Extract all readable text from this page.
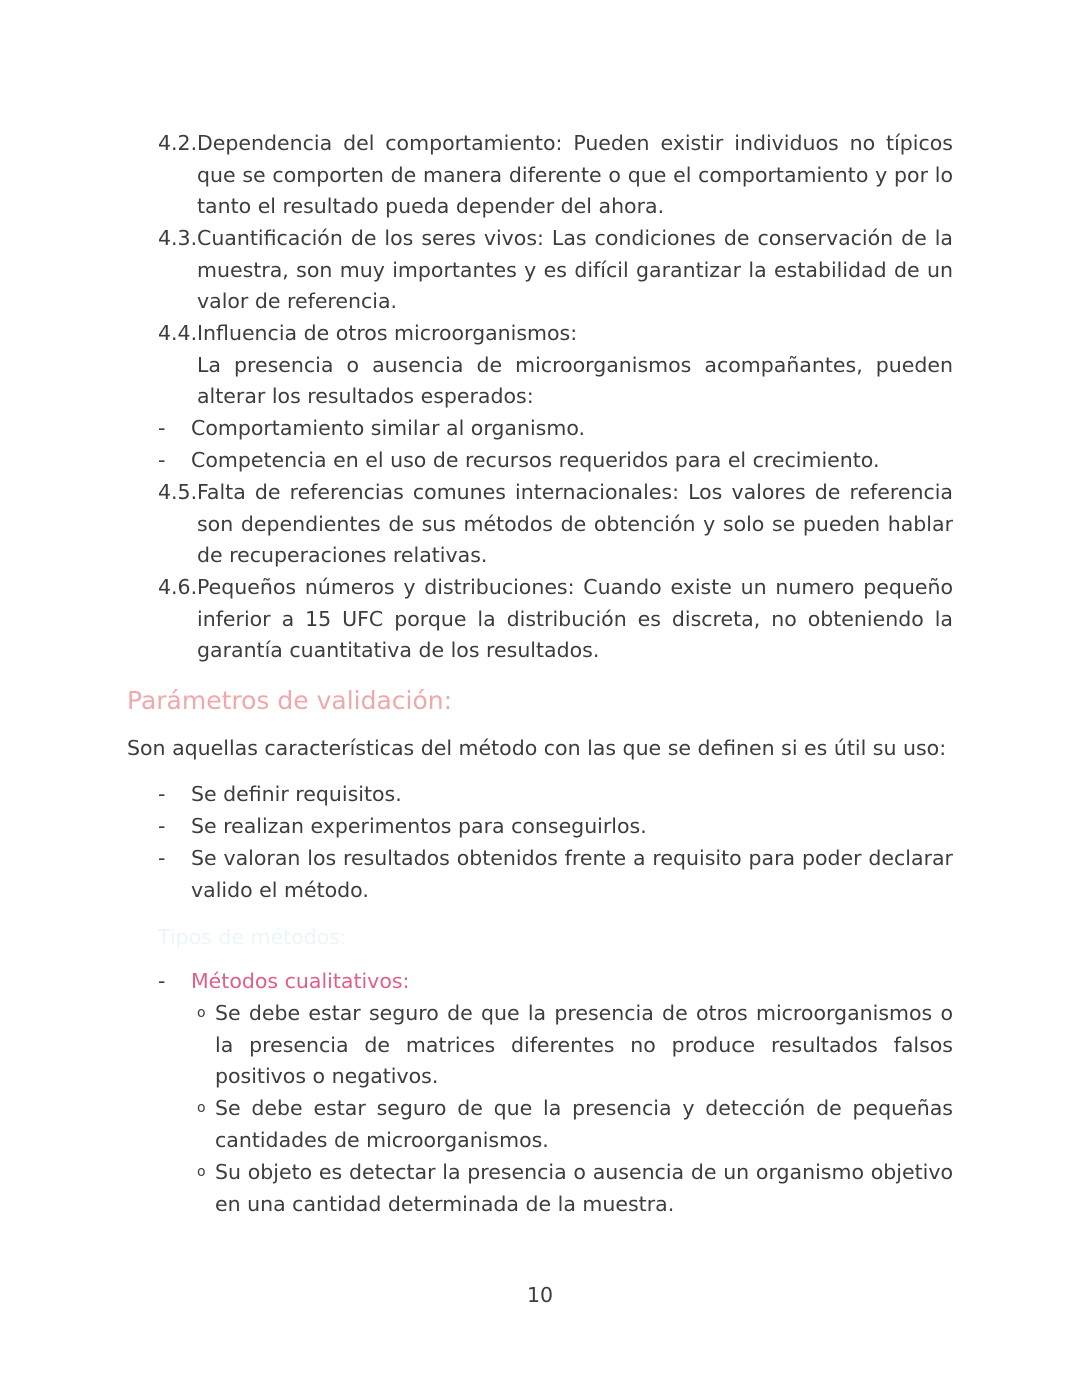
4.2. Dependencia del comportamiento: Pueden existir individuos no típicos que se comporten de manera diferente o que el comportamiento y por lo tanto el resultado pueda depender del ahora.
4.3. Cuantificación de los seres vivos: Las condiciones de conservación de la muestra, son muy importantes y es difícil garantizar la estabilidad de un valor de referencia.
4.4. Influencia de otros microorganismos:
La presencia o ausencia de microorganismos acompañantes, pueden alterar los resultados esperados:
- Comportamiento similar al organismo.
- Competencia en el uso de recursos requeridos para el crecimiento.
4.5. Falta de referencias comunes internacionales: Los valores de referencia son dependientes de sus métodos de obtención y solo se pueden hablar de recuperaciones relativas.
4.6. Pequeños números y distribuciones: Cuando existe un numero pequeño inferior a 15 UFC porque la distribución es discreta, no obteniendo la garantía cuantitativa de los resultados.
Parámetros de validación:
Son aquellas características del método con las que se definen si es útil su uso:
- Se definir requisitos.
- Se realizan experimentos para conseguirlos.
- Se valoran los resultados obtenidos frente a requisito para poder declarar valido el método.
Tipos de métodos:
- Métodos cualitativos:
o Se debe estar seguro de que la presencia de otros microorganismos o la presencia de matrices diferentes no produce resultados falsos positivos o negativos.
o Se debe estar seguro de que la presencia y detección de pequeñas cantidades de microorganismos.
o Su objeto es detectar la presencia o ausencia de un organismo objetivo en una cantidad determinada de la muestra.
10
